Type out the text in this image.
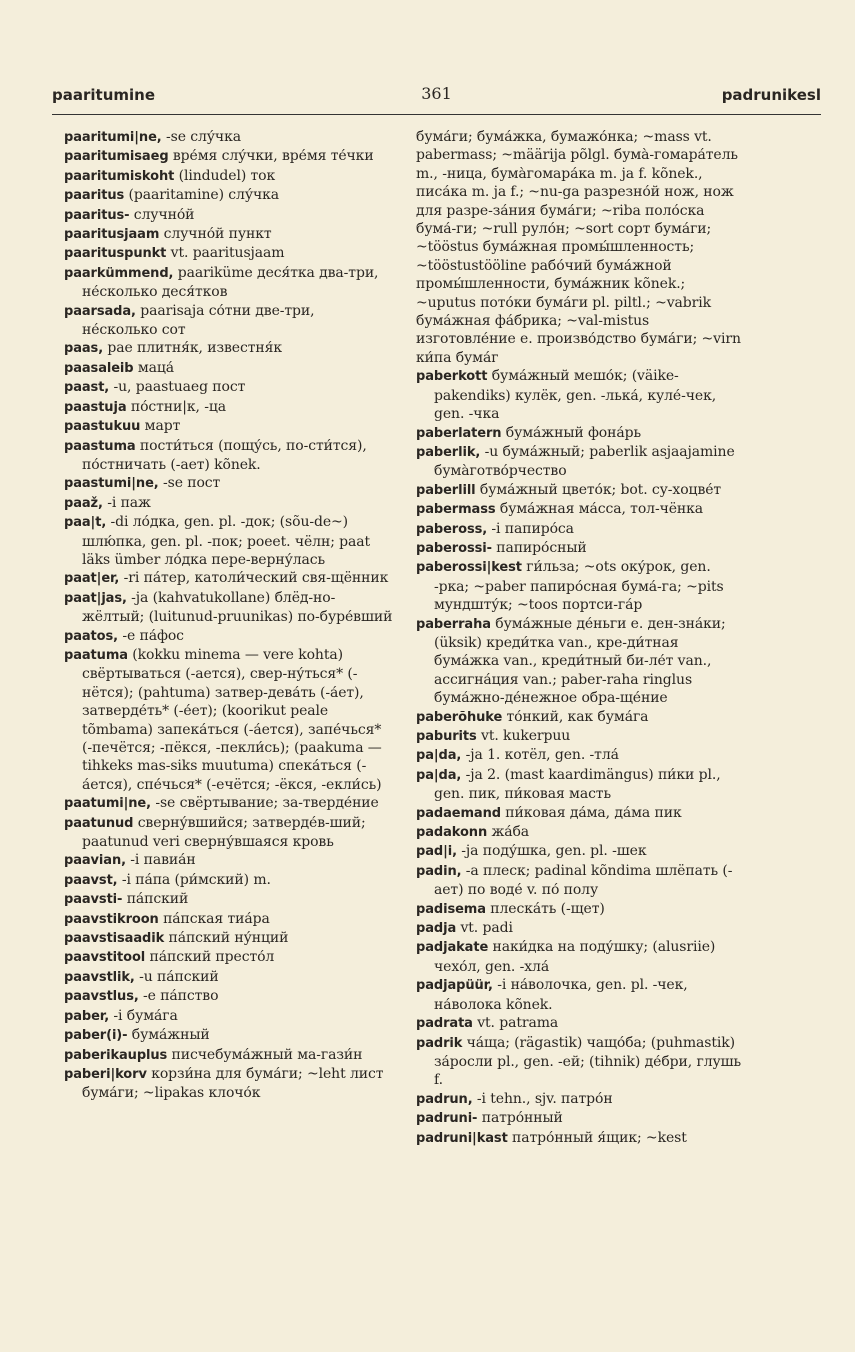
paaritumine	361	padrunikesl

paaritumi|ne, -se слу́чка

paaritumisaeg вре́мя слу́чки, вре́мя те́чки

paaritumiskoht (lindudel) ток

paaritus (paaritamine) слу́чка

paaritus- случно́й

paaritusjaam случно́й пункт

paarituspunkt vt. paaritusjaam

paarkümmend, paariküme деся́тка два-три, не́сколько деся́тков

paarsada, paarisaja со́тни две-три, не́сколько сот

paas, pae плитня́к, известня́к

paasaleib маца́

paast, -u, paastuaeg пост

paastuja по́стни|к, -ца

paastukuu март

paastuma пости́ться (пощу́сь, по-сти́тся), по́стничать (-ает) kõnek.

paastumi|ne, -se пост

paaž, -i паж

paa|t, -di ло́дка, gen. pl. -док; (sõu-de~) шлю́пка, gen. pl. -пок; poeet. чёлн; paat läks ümber ло́дка пере-верну́лась

paat|er, -ri па́тер, католи́ческий свя-щённик

paat|jas, -ja (kahvatukollane) блёд-но-жёлтый; (luitunud-pruunikas) по-буре́вший

paatos, -e па́фос

paatuma (kokku minema — vere kohta) свёртываться (-ается), свер-ну́ться* (-нётся); (pahtuma) затвер-дева́ть (-а́ет), затверде́ть* (-е́ет); (koorikut peale tõmbama) запека́ться (-а́ется), запе́чься* (-печётся; -пёкся, -пекли́сь); (paakuma — tihkeks mas-siks muutuma) спека́ться (-а́ется), спе́чься* (-ечётся; -ёкся, -екли́сь)

paatumi|ne, -se свёртывание; за-тверде́ние

paatunud сверну́вшийся; затверде́в-ший; paatunud veri сверну́вшаяся кровь

paavian, -i павиа́н

paavst, -i па́па (ри́мский) m.

paavsti- па́пский

paavstikroon па́пская тиа́ра

paavstisaadik па́пский ну́нций

paavstitool па́пский престо́л

paavstlik, -u па́пский

paavstlus, -e па́пство

paber, -i бума́га

paber(i)- бума́жный

paberikauplus писчебума́жный ма-гази́н

paberi|korv корзи́на для бума́ги; ~leht лист бума́ги; ~lipakas клочо́к

бума́ги; бума́жка, бумажо́нка; ~mass vt. pabermass; ~määrija põlgl. бума̀-гомара́тель m., -ница, бума̀гомара́ка m. ja f. kõnek., писа́ка m. ja f.; ~nu-ga разрезно́й нож, нож для разре-за́ния бума́ги; ~riba поло́ска бума́-ги; ~rull руло́н; ~sort сорт бума́ги; ~tööstus бума́жная промы́шленность; ~tööstustööline рабо́чий бума́жной промы́шленности, бума́жник kõnek.; ~uputus пото́ки бума́ги pl. piltl.; ~vabrik бума́жная фа́брика; ~val-mistus изготовле́ние e. произво́дство бума́ги; ~virn ки́па бума́г

paberkott бума́жный мешо́к; (väike-pakendiks) кулёк, gen. -лька́, куле́-чек, gen. -чка

paberlatern бума́жный фона́рь

paberlik, -u бума́жный; paberlik asjaajamine бума̀готво́рчество

paberlill бума́жный цвето́к; bot. су-хоцве́т

pabermass бума́жная ма́сса, тол-чёнка

pabeross, -i папиро́са

paberossi- папиро́сный

paberossi|kest ги́льза; ~ots оку́рок, gen. -рка; ~paber папиро́сная бума́-га; ~pits мундшту́к; ~toos портси-га́р

paberraha бума́жные де́ньги e. ден-зна́ки; (üksik) креди́тка van., кре-ди́тная бума́жка van., креди́тный би-ле́т van., ассигна́ция van.; paber-raha ringlus бума́жно-де́нежное обра-ще́ние

paberõhuke то́нкий, как бума́га

paburits vt. kukerpuu

pa|da, -ja 1. котёл, gen. -тла́

pa|da, -ja 2. (mast kaardimängus) пи́ки pl., gen. пик, пи́ковая масть

padaemand пи́ковая да́ма, да́ма пик

padakonn жа́ба

pad|i, -ja поду́шка, gen. pl. -шек

padin, -a плеск; padinal kõndima шлёпать (-ает) по воде́ v. по́ полу

padisema плеска́ть (-щет)

padja vt. padi

padjakate наки́дка на поду́шку; (alusriie) чехо́л, gen. -хла́

padjapüür, -i на́волочка, gen. pl. -чек, на́волока kõnek.

padrata vt. patrama

padrik ча́ща; (rägastik) чащо́ба; (puhmastik) за́росли pl., gen. -ей; (tihnik) де́бри, глушь f.

padrun, -i tehn., sjv. патро́н

padruni- патро́нный

padruni|kast патро́нный я́щик; ~kest
